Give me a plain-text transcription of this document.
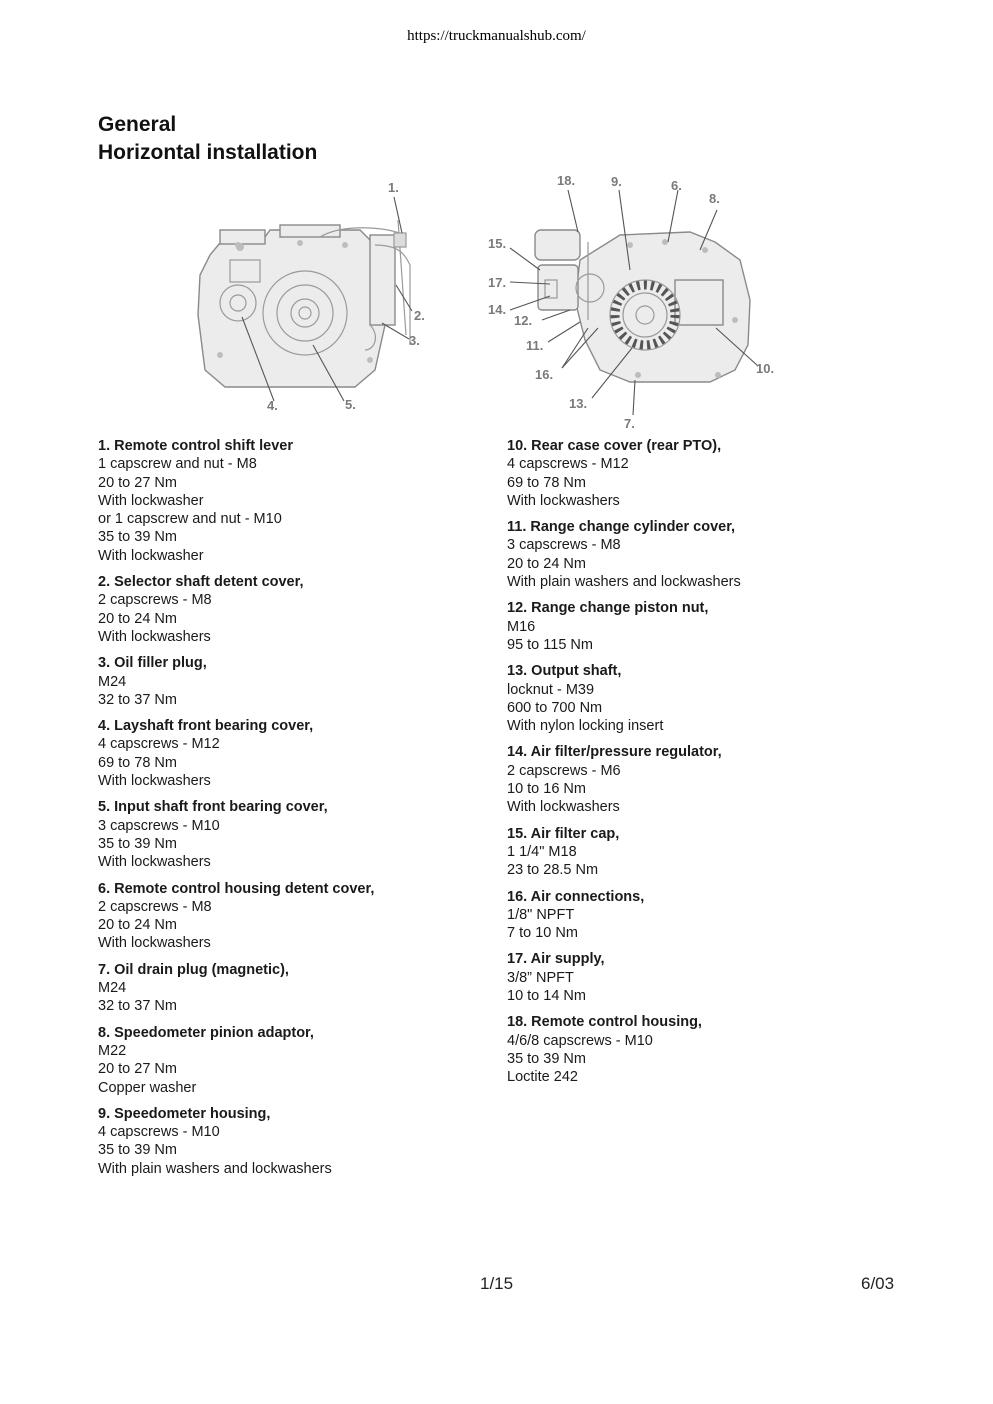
https://truckmanualshub.com/
General
Horizontal installation
1.
2.
3.
4.	5.
18.	9.	6.
8.
15.
17.
14.
12.
11.
16.
13.
7.
10.
1. Remote control shift lever
1 capscrew and nut - M8
20 to 27 Nm
With lockwasher
or 1 capscrew and nut - M10
35 to 39 Nm
With lockwasher
2. Selector shaft detent cover,
2 capscrews - M8
20 to 24 Nm
With lockwashers
3. Oil filler plug,
M24
32 to 37 Nm
4. Layshaft front bearing cover,
4 capscrews - M12
69 to 78 Nm
With lockwashers
5. Input shaft front bearing cover,
3 capscrews - M10
35 to 39 Nm
With lockwashers
6. Remote control housing detent cover,
2 capscrews - M8
20 to 24 Nm
With lockwashers
7. Oil drain plug (magnetic),
M24
32 to 37 Nm
8. Speedometer pinion adaptor,
M22
20 to 27 Nm
Copper washer
9. Speedometer housing,
4 capscrews - M10
35 to 39 Nm
With plain washers and lockwashers
10. Rear case cover (rear PTO),
4 capscrews - M12
69 to 78 Nm
With lockwashers
11. Range change cylinder cover,
3 capscrews - M8
20 to 24 Nm
With plain washers and lockwashers
12. Range change piston nut,
M16
95 to 115 Nm
13. Output shaft,
locknut - M39
600 to 700 Nm
With nylon locking insert
14. Air filter/pressure regulator,
2 capscrews - M6
10 to 16 Nm
With lockwashers
15. Air filter cap,
1 1/4" M18
23 to 28.5 Nm
16. Air connections,
1/8" NPFT
7 to 10 Nm
17. Air supply,
3/8” NPFT
10 to 14 Nm
18. Remote control housing,
4/6/8 capscrews - M10
35 to 39 Nm
Loctite 242
1/15	6/03
